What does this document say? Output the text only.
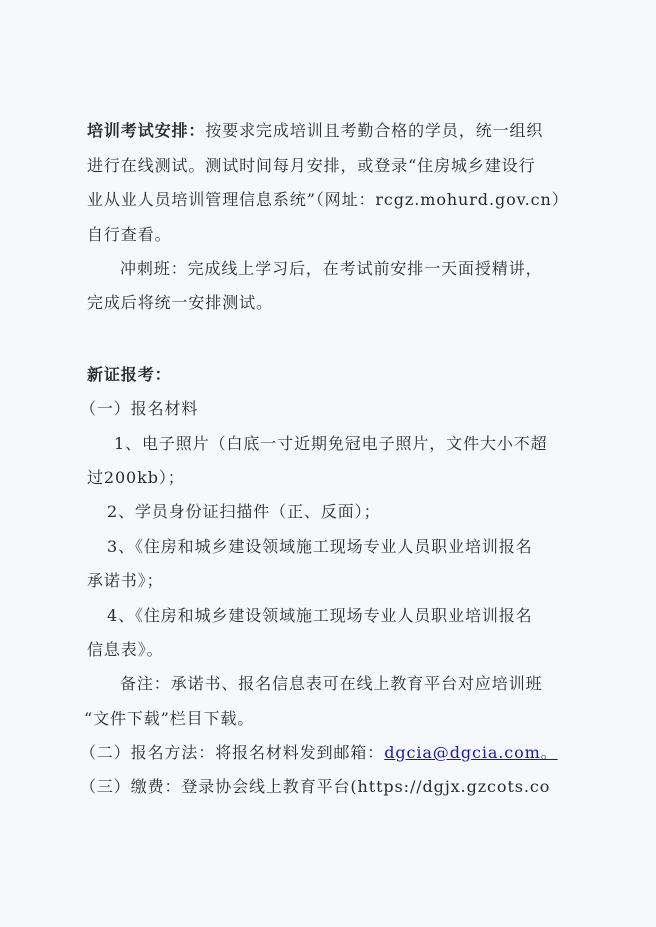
培训考试安排：按要求完成培训且考勤合格的学员，统一组织
进行在线测试。测试时间每月安排，或登录“住房城乡建设行
业从业人员培训管理信息系统”（网址：rcgz.mohurd.gov.cn）
自行查看。
冲刺班：完成线上学习后，在考试前安排一天面授精讲，
完成后将统一安排测试。
新证报考：
（一）报名材料
1、电子照片（白底一寸近期免冠电子照片，文件大小不超
过200kb）；
2、学员身份证扫描件（正、反面）；
3、《住房和城乡建设领域施工现场专业人员职业培训报名
承诺书》；
4、《住房和城乡建设领域施工现场专业人员职业培训报名
信息表》。
备注：承诺书、报名信息表可在线上教育平台对应培训班
“文件下载”栏目下载。
（二）报名方法：将报名材料发到邮箱：dgcia@dgcia.com。
（三）缴费：登录协会线上教育平台(https://dgjx.gzcots.co
